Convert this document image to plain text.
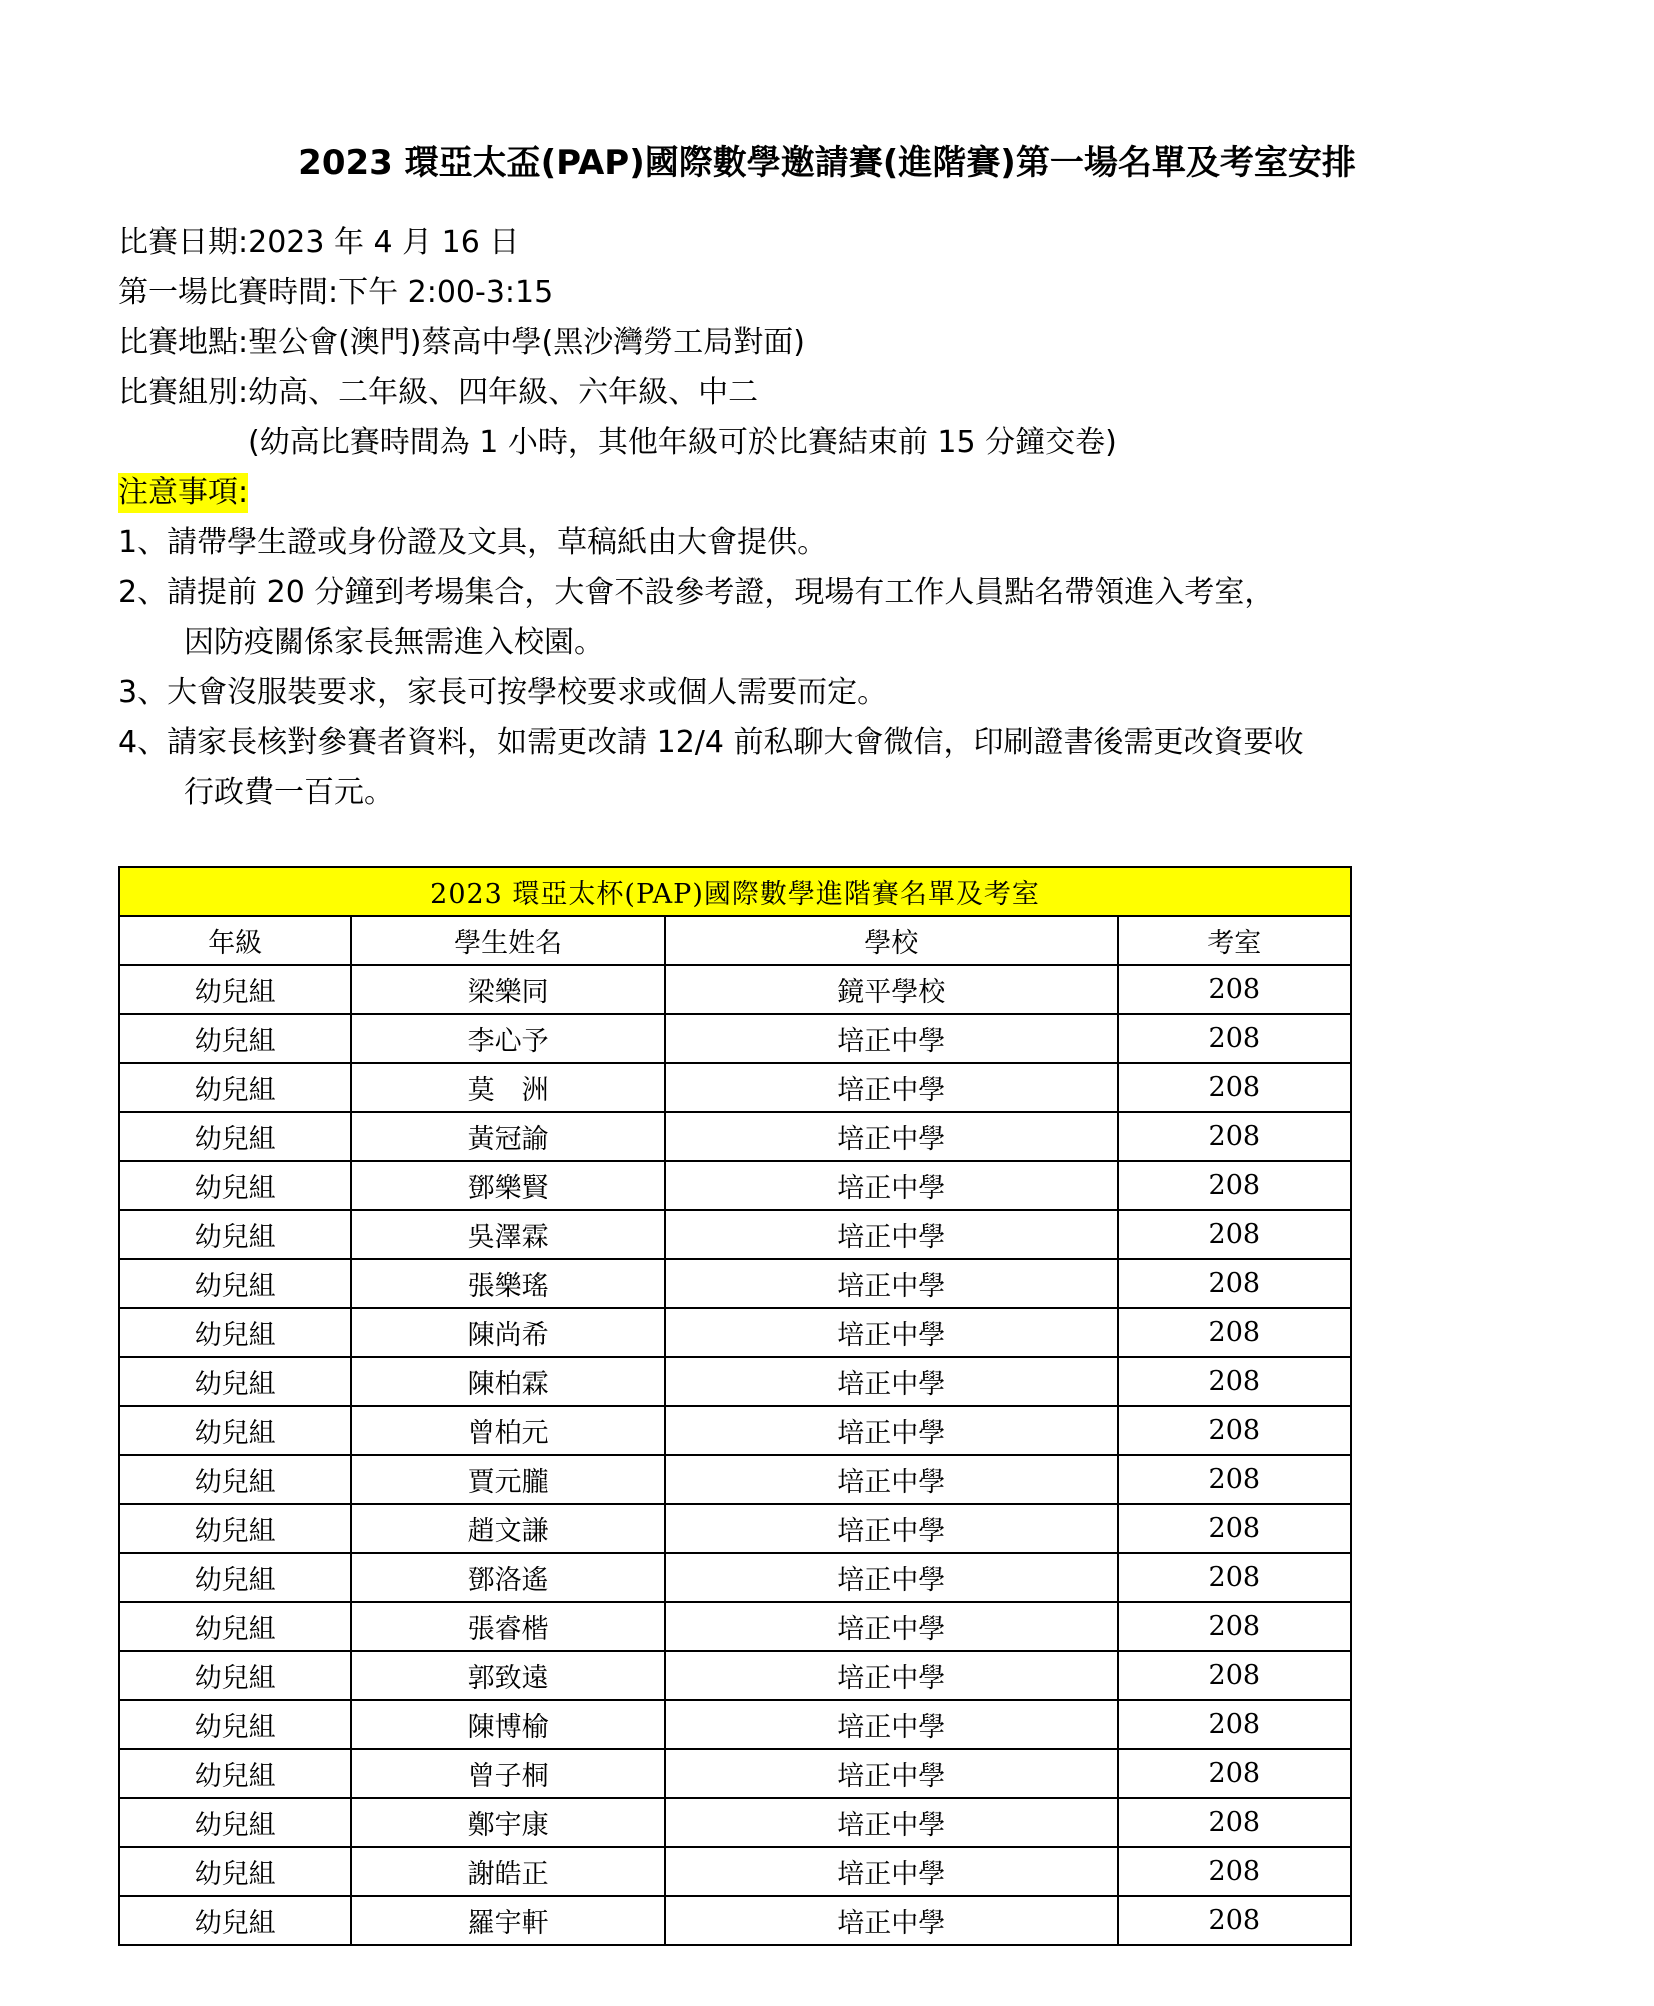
2023 環亞太盃(PAP)國際數學邀請賽(進階賽)第一場名單及考室安排
比賽日期:2023 年 4 月 16 日
第一場比賽時間:下午 2:00-3:15
比賽地點:聖公會(澳門)蔡高中學(黑沙灣勞工局對面)
比賽組別:幼高、二年級、四年級、六年級、中二
(幼高比賽時間為 1 小時，其他年級可於比賽結束前 15 分鐘交卷)
注意事項:
1、請帶學生證或身份證及文具，草稿紙由大會提供。
2、請提前 20 分鐘到考場集合，大會不設參考證，現場有工作人員點名帶領進入考室，
因防疫關係家長無需進入校園。
3、大會沒服裝要求，家長可按學校要求或個人需要而定。
4、請家長核對參賽者資料，如需更改請 12/4 前私聊大會微信，印刷證書後需更改資要收
行政費一百元。
2023 環亞太杯(PAP)國際數學進階賽名單及考室			
年級	學生姓名	學校	考室
幼兒組	梁樂同	鏡平學校	208
幼兒組	李心予	培正中學	208
幼兒組	莫　洲	培正中學	208
幼兒組	黃冠諭	培正中學	208
幼兒組	鄧樂賢	培正中學	208
幼兒組	吳澤霖	培正中學	208
幼兒組	張樂瑤	培正中學	208
幼兒組	陳尚希	培正中學	208
幼兒組	陳柏霖	培正中學	208
幼兒組	曾柏元	培正中學	208
幼兒組	賈元朧	培正中學	208
幼兒組	趙文謙	培正中學	208
幼兒組	鄧洛遙	培正中學	208
幼兒組	張睿楷	培正中學	208
幼兒組	郭致遠	培正中學	208
幼兒組	陳博榆	培正中學	208
幼兒組	曾子桐	培正中學	208
幼兒組	鄭宇康	培正中學	208
幼兒組	謝皓正	培正中學	208
幼兒組	羅宇軒	培正中學	208
